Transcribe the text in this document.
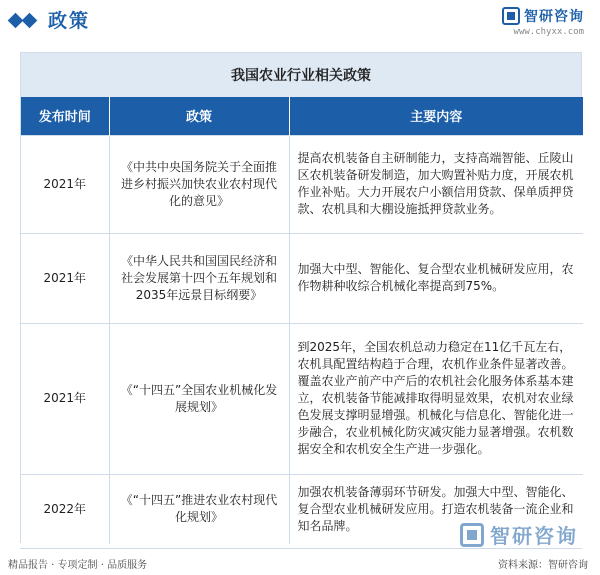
政策	智研咨询
www.chyxx.com
我国农业行业相关政策
发布时间	政策	主要内容
2021年	《中共中央国务院关于全面推进乡村振兴加快农业农村现代化的意见》	提高农机装备自主研制能力，支持高端智能、丘陵山区农机装备研发制造，加大购置补贴力度，开展农机作业补贴。大力开展农户小额信用贷款、保单质押贷款、农机具和大棚设施抵押贷款业务。
2021年	《中华人民共和国国民经济和社会发展第十四个五年规划和2035年远景目标纲要》	加强大中型、智能化、复合型农业机械研发应用，农作物耕种收综合机械化率提高到75%。
2021年	《“十四五”全国农业机械化发展规划》	到2025年，全国农机总动力稳定在11亿千瓦左右，农机具配置结构趋于合理，农机作业条件显著改善。覆盖农业产前产中产后的农机社会化服务体系基本建立，农机装备节能减排取得明显效果，农机对农业绿色发展支撑明显增强。机械化与信息化、智能化进一步融合，农业机械化防灾减灾能力显著增强。农机数据安全和农机安全生产进一步强化。
2022年	《“十四五”推进农业农村现代化规划》	加强农机装备薄弱环节研发。加强大中型、智能化、复合型农业机械研发应用。打造农机装备一流企业和知名品牌。	智研咨询
精品报告 · 专项定制 · 品质服务	资料来源：智研咨询
